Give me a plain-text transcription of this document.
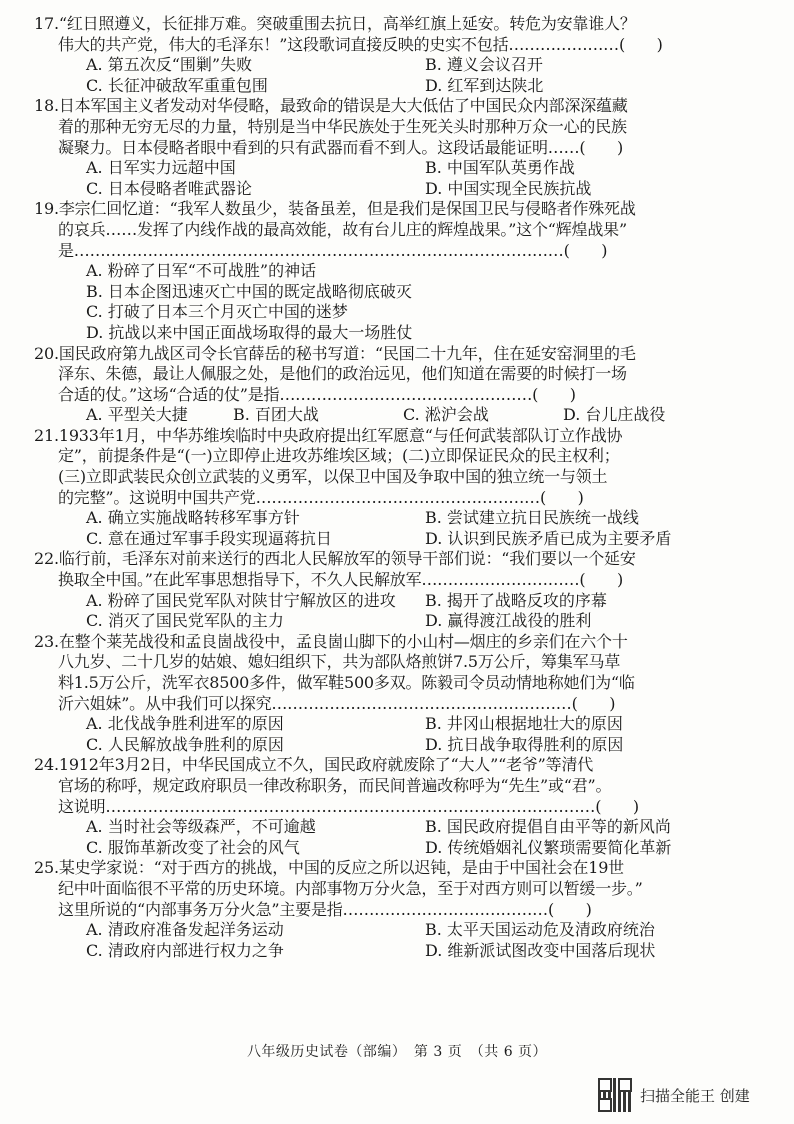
17.“红日照遵义，长征排万难。突破重围去抗日，高举红旗上延安。转危为安靠谁人？
伟大的共产党，伟大的毛泽东！”这段歌词直接反映的史实不包括…………………(　　)
A. 第五次反“围剿”失败	B. 遵义会议召开
C. 长征冲破敌军重重包围	D. 红军到达陕北
18.日本军国主义者发动对华侵略，最致命的错误是大大低估了中国民众内部深深蕴藏
着的那种无穷无尽的力量，特别是当中华民族处于生死关头时那种万众一心的民族
凝聚力。日本侵略者眼中看到的只有武器而看不到人。这段话最能证明……(　　)
A. 日军实力远超中国	B. 中国军队英勇作战
C. 日本侵略者唯武器论	D. 中国实现全民族抗战
19.李宗仁回忆道：“我军人数虽少，装备虽差，但是我们是保国卫民与侵略者作殊死战
的哀兵……发挥了内线作战的最高效能，故有台儿庄的辉煌战果。”这个“辉煌战果”
是…………………………………………………………………………………(　　)
A. 粉碎了日军“不可战胜”的神话
B. 日本企图迅速灭亡中国的既定战略彻底破灭
C. 打破了日本三个月灭亡中国的迷梦
D. 抗战以来中国正面战场取得的最大一场胜仗
20.国民政府第九战区司令长官薛岳的秘书写道：“民国二十九年，住在延安窑洞里的毛
泽东、朱德，最让人佩服之处，是他们的政治远见，他们知道在需要的时候打一场
合适的仗。”这场“合适的仗”是指…………………………………………(　　)
A. 平型关大捷	B. 百团大战	C. 淞沪会战	D. 台儿庄战役
21.1933年1月，中华苏维埃临时中央政府提出红军愿意“与任何武装部队订立作战协
定”，前提条件是“(一)立即停止进攻苏维埃区域；(二)立即保证民众的民主权利；
(三)立即武装民众创立武装的义勇军，以保卫中国及争取中国的独立统一与领土
的完整”。这说明中国共产党………………………………………………(　　)
A. 确立实施战略转移军事方针	B. 尝试建立抗日民族统一战线
C. 意在通过军事手段实现逼蒋抗日	D. 认识到民族矛盾已成为主要矛盾
22.临行前，毛泽东对前来送行的西北人民解放军的领导干部们说：“我们要以一个延安
换取全中国。”在此军事思想指导下，不久人民解放军…………………………(　　)
A. 粉碎了国民党军队对陕甘宁解放区的进攻	B. 揭开了战略反攻的序幕
C. 消灭了国民党军队的主力	D. 赢得渡江战役的胜利
23.在整个莱芜战役和孟良崮战役中，孟良崮山脚下的小山村—烟庄的乡亲们在六个十
八九岁、二十几岁的姑娘、媳妇组织下，共为部队烙煎饼7.5万公斤，筹集军马草
料1.5万公斤，洗军衣8500多件，做军鞋500多双。陈毅司令员动情地称她们为“临
沂六姐妹”。从中我们可以探究…………………………………………………(　　)
A. 北伐战争胜利进军的原因	B. 井冈山根据地壮大的原因
C. 人民解放战争胜利的原因	D. 抗日战争取得胜利的原因
24.1912年3月2日，中华民国成立不久，国民政府就废除了“大人”“老爷”等清代
官场的称呼，规定政府职员一律改称职务，而民间普遍改称呼为“先生”或“君”。
这说明…………………………………………………………………………………(　　)
A. 当时社会等级森严，不可逾越	B. 国民政府提倡自由平等的新风尚
C. 服饰革新改变了社会的风气	D. 传统婚姻礼仪繁琐需要简化革新
25.某史学家说：“对于西方的挑战，中国的反应之所以迟钝，是由于中国社会在19世
纪中叶面临很不平常的历史环境。内部事物万分火急，至于对西方则可以暂缓一步。”
这里所说的“内部事务万分火急”主要是指…………………………………(　　)
A. 清政府准备发起洋务运动	B. 太平天国运动危及清政府统治
C. 清政府内部进行权力之争	D. 维新派试图改变中国落后现状
八年级历史试卷（部编）　第 3 页　（共 6 页）
扫描全能王 创建
